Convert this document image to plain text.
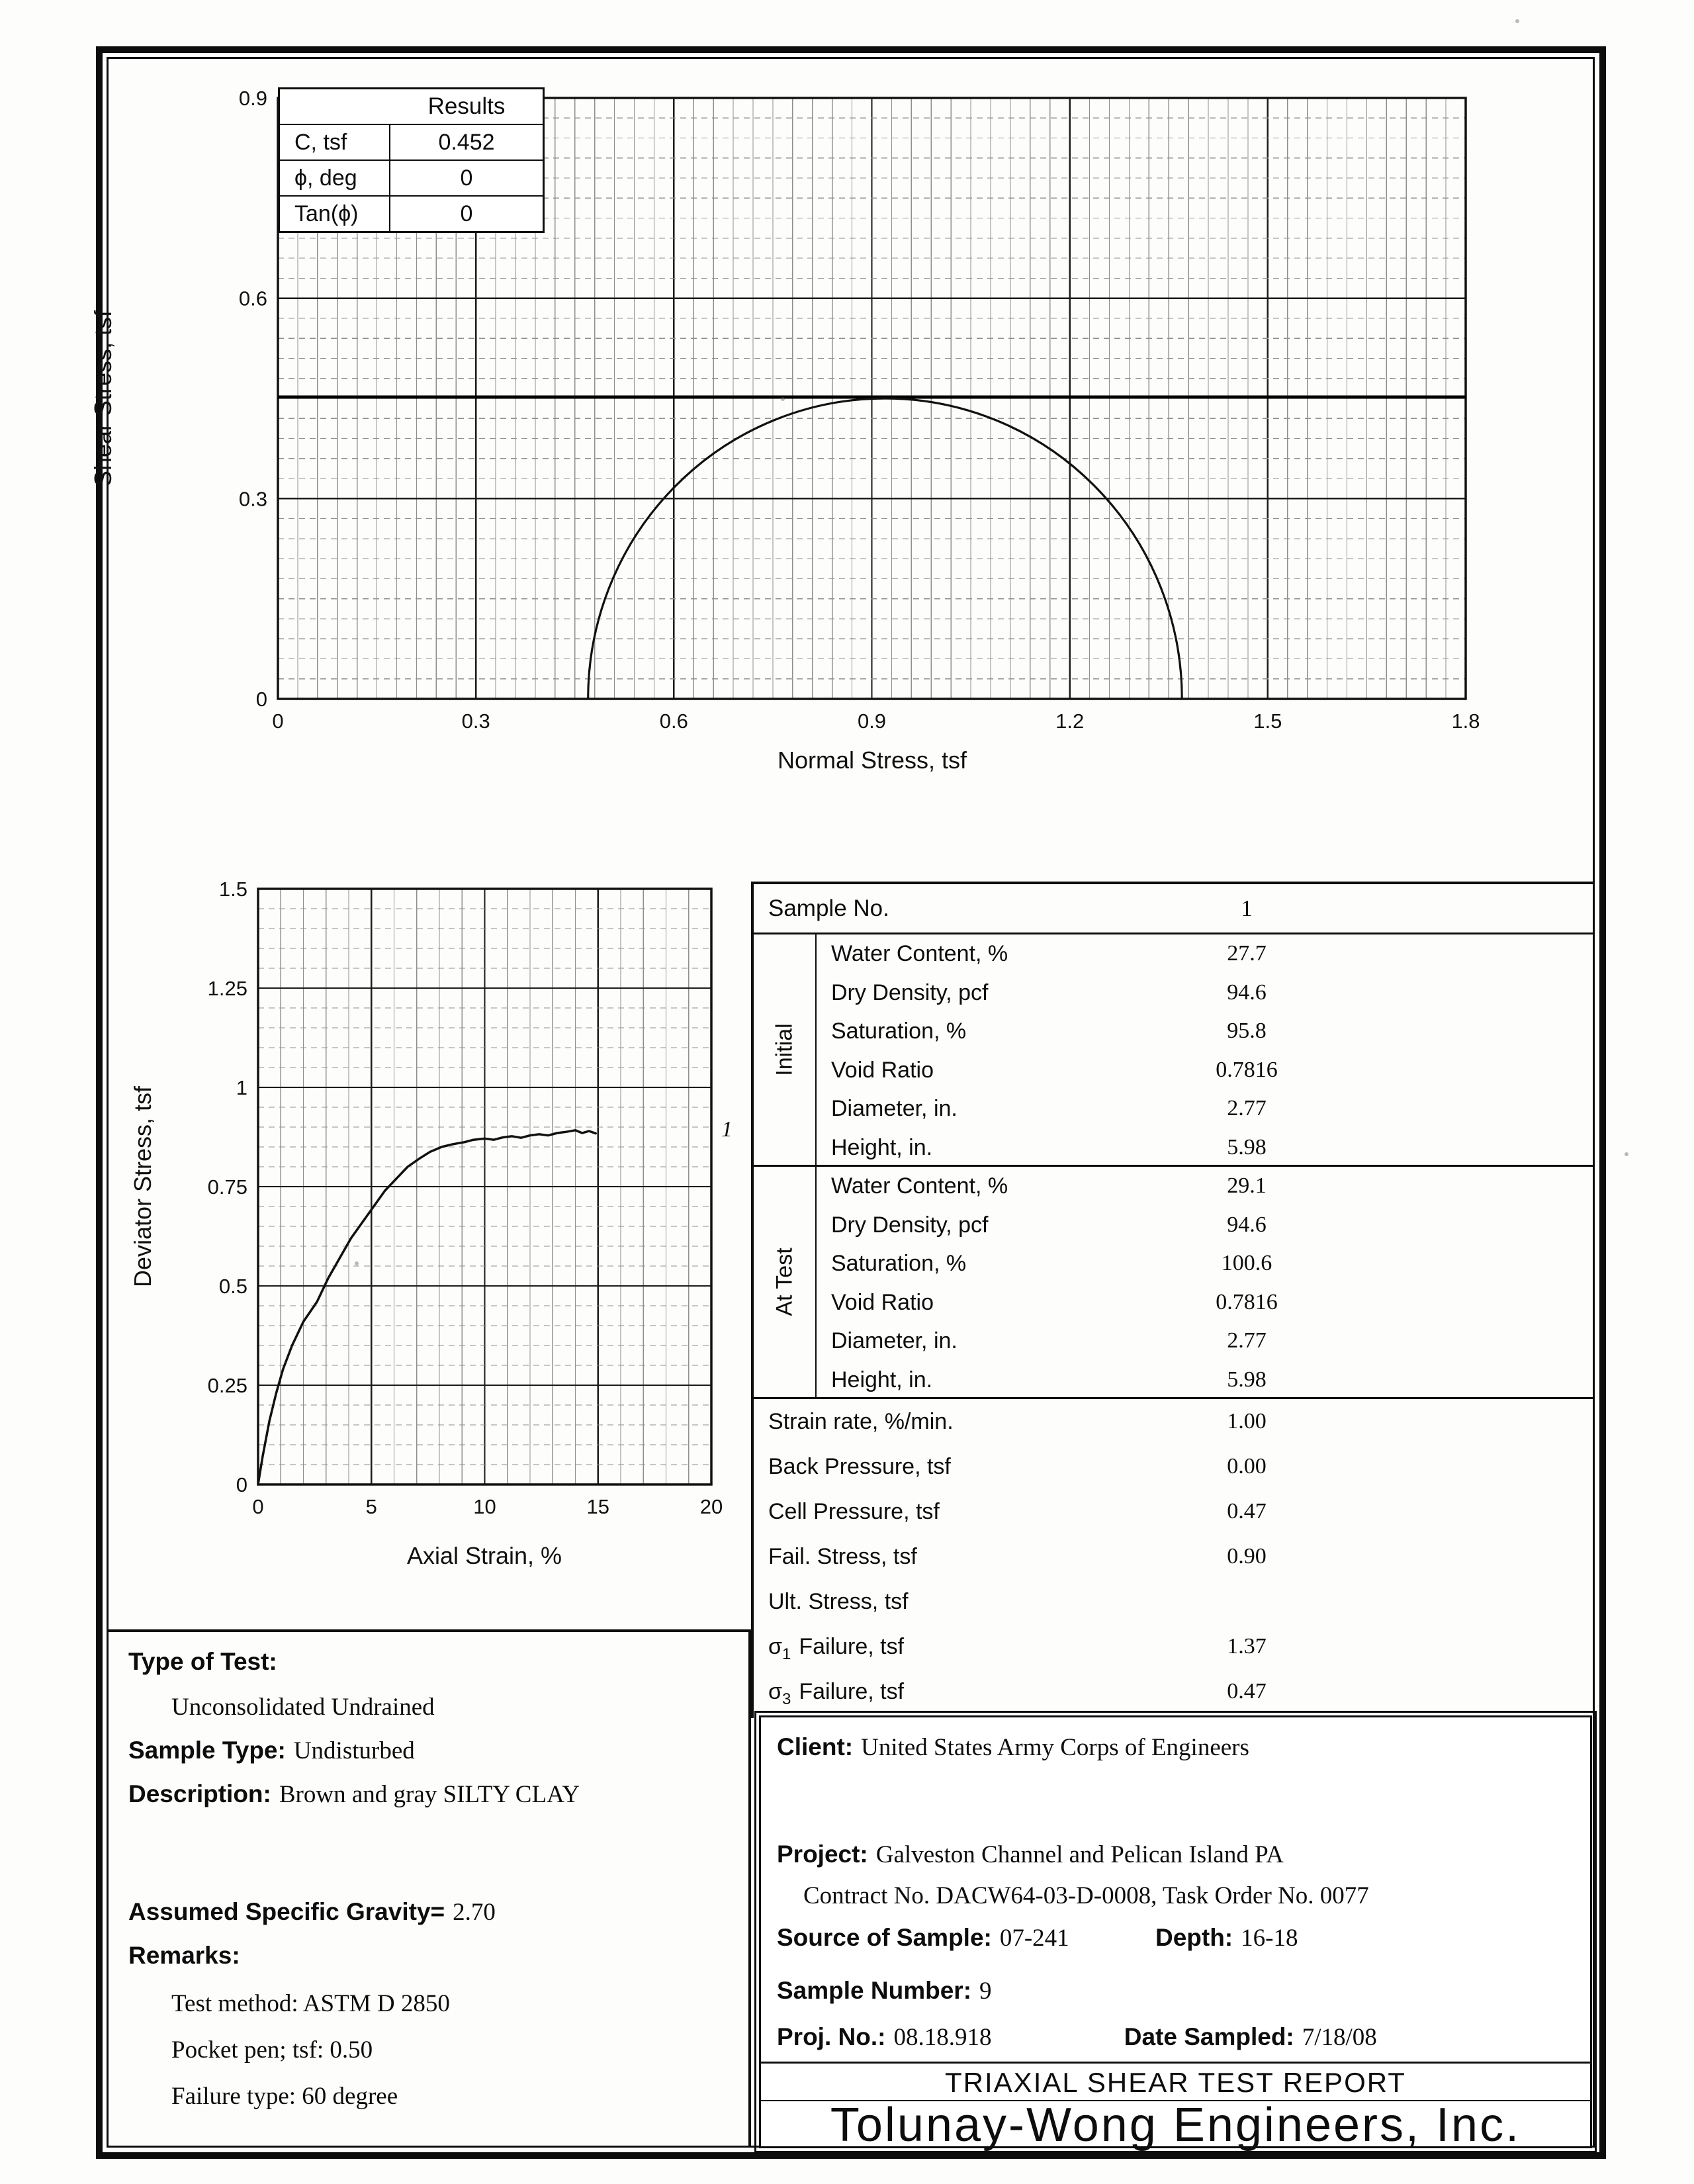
0	0.3	0.6	0.9	1.2	1.5	1.8
0
0.3
0.6
0.9
Shear Stress, tsf
Normal Stress, tsf
Results
C, tsf	0.452
ϕ, deg	0
Tan(ϕ)	0
0	5	10	15	20
0
0.25
0.5
0.75
1
1.25
1.5
Deviator Stress, tsf
Axial Strain, %
1
Sample No.	1
Initial
Water Content, %	27.7
Dry Density, pcf	94.6
Saturation, %	95.8
Void Ratio	0.7816
Diameter, in.	2.77
Height, in.	5.98
At Test
Water Content, %	29.1
Dry Density, pcf	94.6
Saturation, %	100.6
Void Ratio	0.7816
Diameter, in.	2.77
Height, in.	5.98
Strain rate, %/min.	1.00
Back Pressure, tsf	0.00
Cell Pressure, tsf	0.47
Fail. Stress, tsf	0.90
Ult. Stress, tsf
$\sigma_1$ Failure, tsf	1.37
$\sigma_3$ Failure, tsf	0.47
Type of Test:
Unconsolidated Undrained
Sample Type: Undisturbed
Description: Brown and gray SILTY CLAY
Assumed Specific Gravity= 2.70
Remarks:
Test method: ASTM D 2850
Pocket pen; tsf: 0.50
Failure type: 60 degree
Client: United States Army Corps of Engineers
Project: Galveston Channel and Pelican Island PA
Contract No. DACW64-03-D-0008, Task Order No. 0077
Source of Sample: 07-241	Depth: 16-18
Sample Number: 9
Proj. No.: 08.18.918	Date Sampled: 7/18/08
TRIAXIAL SHEAR TEST REPORT
Tolunay-Wong Engineers, Inc.
